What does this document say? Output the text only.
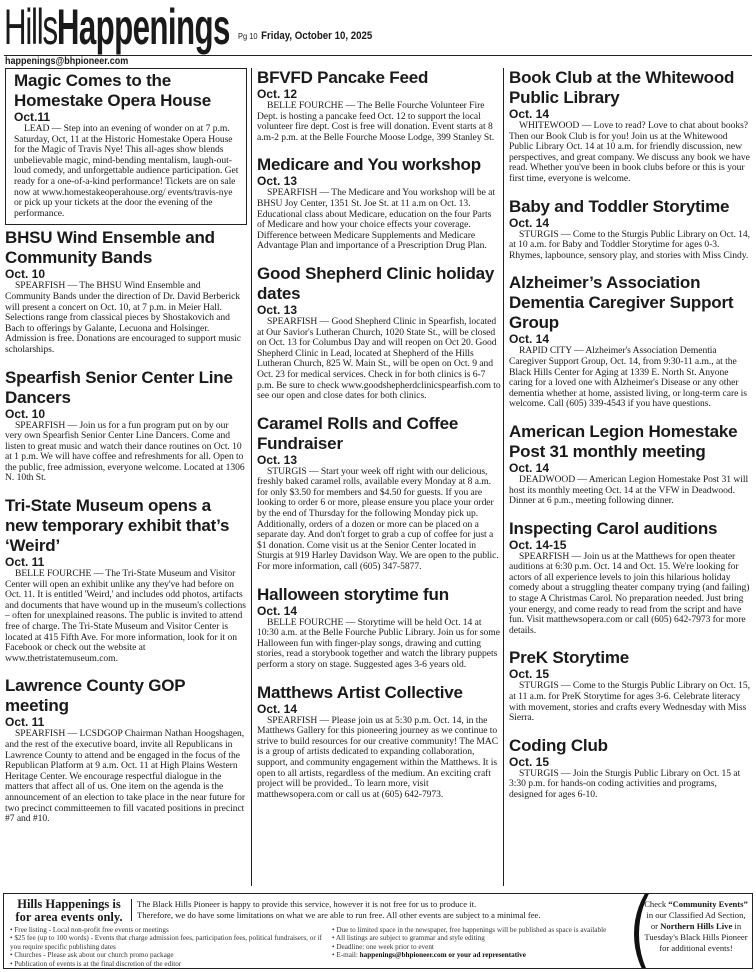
HillsHappenings Pg 10 Friday, October 10, 2025
happenings@bhpioneer.com
Magic Comes to the Homestake Opera House
Oct.11
LEAD — Step into an evening of wonder on at 7 p.m. Saturday, Oct, 11 at the Historic Homestake Opera House for the Magic of Travis Nye! This all-ages show blends unbelievable magic, mind-bending mentalism, laugh-out-loud comedy, and unforgettable audience participation. Get ready for a one-of-a-kind performance! Tickets are on sale now at www.homestakeoperahouse.org/ events/travis-nye or pick up your tickets at the door the evening of the performance.
BHSU Wind Ensemble and Community Bands
Oct. 10
SPEARFISH — The BHSU Wind Ensemble and Community Bands under the direction of Dr. David Berberick will present a concert on Oct. 10, at 7 p.m. in Meier Hall. Selections range from classical pieces by Shostakovich and Bach to offerings by Galante, Lecuona and Holsinger. Admission is free. Donations are encouraged to support music scholarships.
Spearfish Senior Center Line Dancers
Oct. 10
SPEARFISH — Join us for a fun program put on by our very own Spearfish Senior Center Line Dancers. Come and listen to great music and watch their dance routines on Oct. 10 at 1 p.m. We will have coffee and refreshments for all. Open to the public, free admission, everyone welcome. Located at 1306 N. 10th St.
Tri-State Museum opens a new temporary exhibit that’s ‘Weird’
Oct. 11
BELLE FOURCHE — The Tri-State Museum and Visitor Center will open an exhibit unlike any they've had before on Oct. 11. It is entitled 'Weird,' and includes odd photos, artifacts and documents that have wound up in the museum's collections – often for unexplained reasons. The public is invited to attend free of charge. The Tri-State Museum and Visitor Center is located at 415 Fifth Ave. For more information, look for it on Facebook or check out the website at www.thetristatemuseum.com.
Lawrence County GOP meeting
Oct. 11
SPEARFISH — LCSDGOP Chairman Nathan Hoogshagen, and the rest of the executive board, invite all Republicans in Lawrence County to attend and be engaged in the focus of the Republican Platform at 9 a.m. Oct. 11 at High Plains Western Heritage Center. We encourage respectful dialogue in the matters that affect all of us. One item on the agenda is the announcement of an election to take place in the near future for two precinct committeemen to fill vacated positions in precinct #7 and #10.
BFVFD Pancake Feed
Oct. 12
BELLE FOURCHE — The Belle Fourche Volunteer Fire Dept. is hosting a pancake feed Oct. 12 to support the local volunteer fire dept. Cost is free will donation. Event starts at 8 a.m-2 p.m. at the Belle Fourche Moose Lodge, 399 Stanley St.
Medicare and You workshop
Oct. 13
SPEARFISH — The Medicare and You workshop will be at BHSU Joy Center, 1351 St. Joe St. at 11 a.m on Oct. 13. Educational class about Medicare, education on the four Parts of Medicare and how your choice effects your coverage. Difference between Medicare Supplements and Medicare Advantage Plan and importance of a Prescription Drug Plan.
Good Shepherd Clinic holiday dates
Oct. 13
SPEARFISH — Good Shepherd Clinic in Spearfish, located at Our Savior's Lutheran Church, 1020 State St., will be closed on Oct. 13 for Columbus Day and will reopen on Oct 20. Good Shepherd Clinic in Lead, located at Shepherd of the Hills Lutheran Church, 825 W. Main St., will be open on Oct. 9 and Oct. 23 for medical services. Check in for both clinics is 6-7 p.m. Be sure to check www.goodshepherdclinicspearfish.com to see our open and close dates for both clinics.
Caramel Rolls and Coffee Fundraiser
Oct. 13
STURGIS — Start your week off right with our delicious, freshly baked caramel rolls, available every Monday at 8 a.m. for only $3.50 for members and $4.50 for guests. If you are looking to order 6 or more, please ensure you place your order by the end of Thursday for the following Monday pick up. Additionally, orders of a dozen or more can be placed on a separate day. And don't forget to grab a cup of coffee for just a $1 donation. Come visit us at the Senior Center located in Sturgis at 919 Harley Davidson Way. We are open to the public. For more information, call (605) 347-5877.
Halloween storytime fun
Oct. 14
BELLE FOURCHE — Storytime will be held Oct. 14 at 10:30 a.m. at the Belle Fourche Public Library. Join us for some Halloween fun with finger-play songs, drawing and cutting stories, read a storybook together and watch the library puppets perform a story on stage. Suggested ages 3-6 years old.
Matthews Artist Collective
Oct. 14
SPEARFISH — Please join us at 5:30 p.m. Oct. 14, in the Matthews Gallery for this pioneering journey as we continue to strive to build resources for our creative community! The MAC is a group of artists dedicated to expanding collaboration, support, and community engagement within the Matthews. It is open to all artists, regardless of the medium. An exciting craft project will be provided.. To learn more, visit matthewsopera.com or call us at (605) 642-7973.
Book Club at the Whitewood Public Library
Oct. 14
WHITEWOOD — Love to read? Love to chat about books? Then our Book Club is for you! Join us at the Whitewood Public Library Oct. 14 at 10 a.m. for friendly discussion, new perspectives, and great company. We discuss any book we have read. Whether you've been in book clubs before or this is your first time, everyone is welcome.
Baby and Toddler Storytime
Oct. 14
STURGIS — Come to the Sturgis Public Library on Oct. 14, at 10 a.m. for Baby and Toddler Storytime for ages 0-3. Rhymes, lapbounce, sensory play, and stories with Miss Cindy.
Alzheimer’s Association Dementia Caregiver Support Group
Oct. 14
RAPID CITY — Alzheimer's Association Dementia Caregiver Support Group, Oct. 14, from 9:30-11 a.m., at the Black Hills Center for Aging at 1339 E. North St. Anyone caring for a loved one with Alzheimer's Disease or any other dementia whether at home, assisted living, or long-term care is welcome. Call (605) 339-4543 if you have questions.
American Legion Homestake Post 31 monthly meeting
Oct. 14
DEADWOOD — American Legion Homestake Post 31 will host its monthly meeting Oct. 14 at the VFW in Deadwood. Dinner at 6 p.m., meeting following dinner.
Inspecting Carol auditions
Oct. 14-15
SPEARFISH — Join us at the Matthews for open theater auditions at 6:30 p.m. Oct. 14 and Oct. 15. We're looking for actors of all experience levels to join this hilarious holiday comedy about a struggling theater company trying (and failing) to stage A Christmas Carol. No preparation needed. Just bring your energy, and come ready to read from the script and have fun. Visit matthewsopera.com or call (605) 642-7973 for more details.
PreK Storytime
Oct. 15
STURGIS — Come to the Sturgis Public Library on Oct. 15, at 11 a.m. for PreK Storytime for ages 3-6. Celebrate literacy with movement, stories and crafts every Wednesday with Miss Sierra.
Coding Club
Oct. 15
STURGIS — Join the Sturgis Public Library on Oct. 15 at 3:30 p.m. for hands-on coding activities and programs, designed for ages 6-10.
Hills Happenings is for area events only.
The Black Hills Pioneer is happy to provide this service, however it is not free for us to produce it.
Therefore, we do have some limitations on what we are able to run free. All other events are subject to a minimal fee.
• Free listing - Local non-profit free events or meetings
• $25 fee (up to 100 words) - Events that charge admission fees, participation fees, political fundraisers, or if you require specific publishing dates
• Churches - Please ask about our church promo package
• Publication of events is at the final discretion of the editor
• Due to limited space in the newspaper, free happenings will be published as space is available
• All listings are subject to grammar and style editing
• Deadline: one week prior to event
• E-mail: happenings@bhpioneer.com or your ad representative
Check “Community Events” in our Classified Ad Section, or Northern Hills Live in Tuesday's Black Hills Pioneer for additional events!
